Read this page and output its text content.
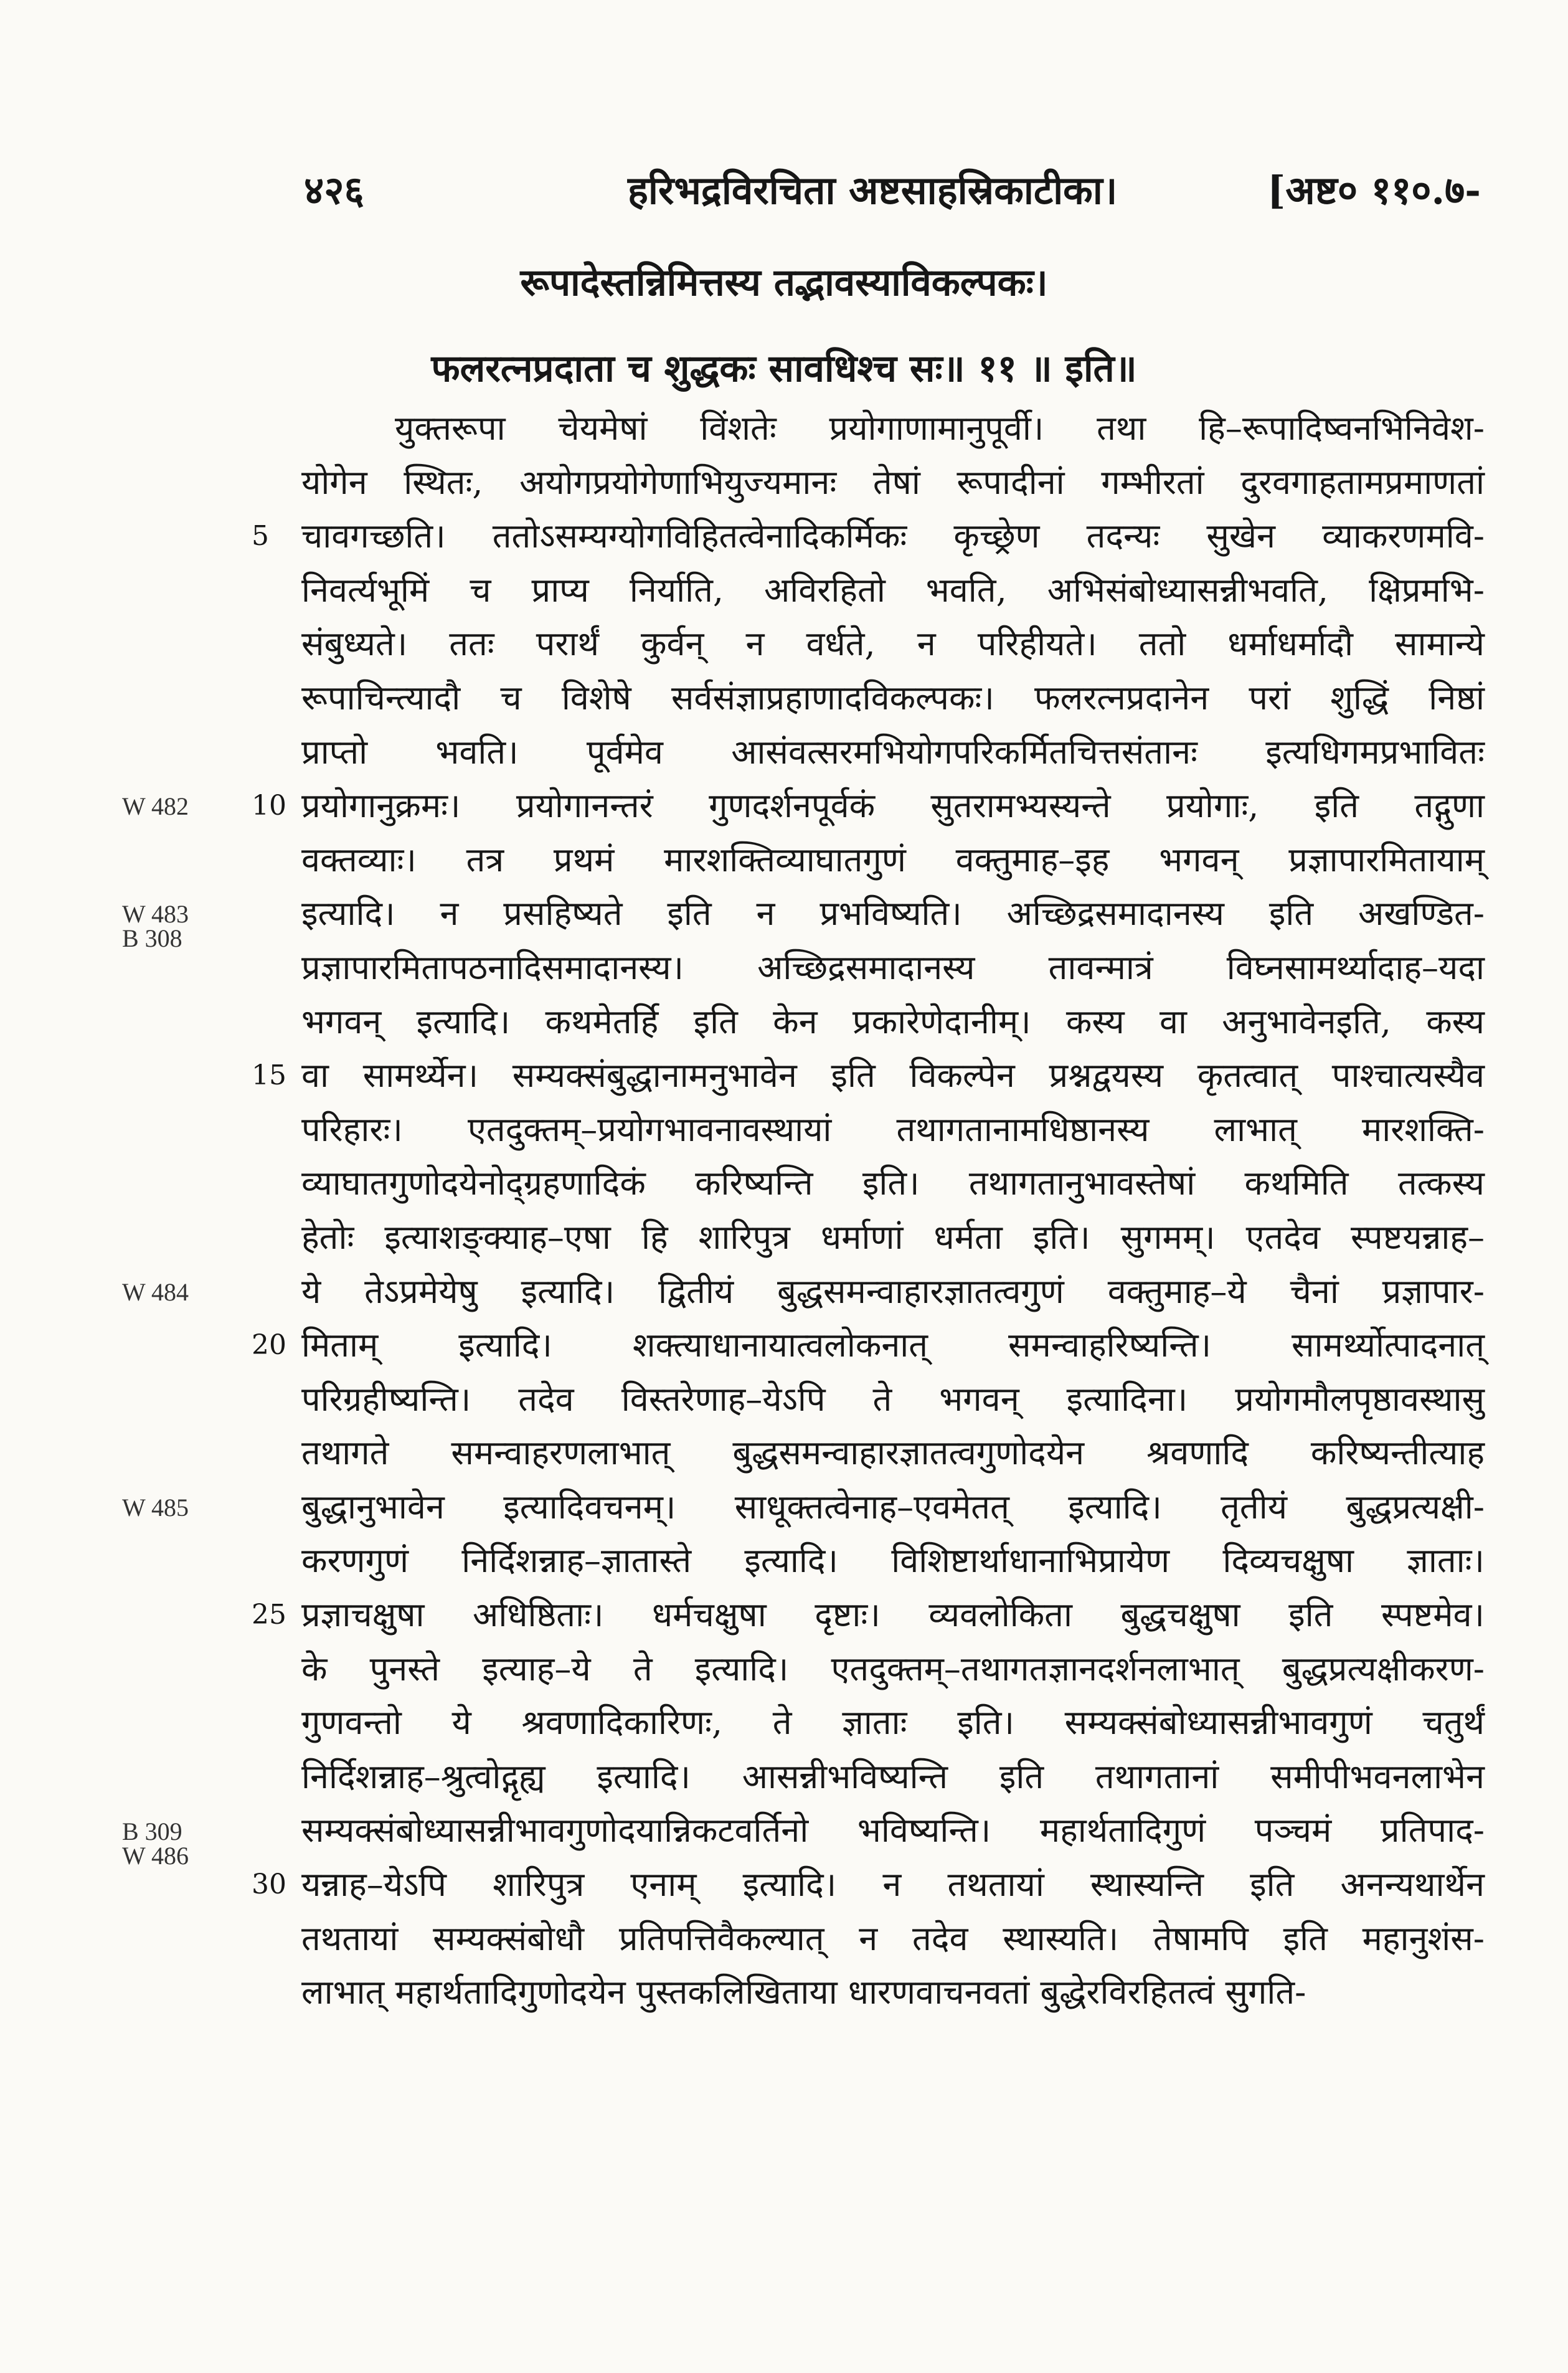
४२६	हरिभद्रविरचिता अष्टसाहस्रिकाटीका।	[अष्ट० ११०.७-
रूपादेस्तन्निमित्तस्य तद्भावस्याविकल्पकः।
फलरत्नप्रदाता च शुद्धकः सावधिश्च सः॥ ११ ॥ इति॥
युक्तरूपा चेयमेषां विंशतेः प्रयोगाणामानुपूर्वी। तथा हि–रूपादिष्वनभिनिवेश-
योगेन स्थितः, अयोगप्रयोगेणाभियुज्यमानः तेषां रूपादीनां गम्भीरतां दुरवगाहतामप्रमाणतां
5 चावगच्छति। ततोऽसम्यग्योगविहितत्वेनादिकर्मिकः कृच्छ्रेण तदन्यः सुखेन व्याकरणमवि-
निवर्त्यभूमिं च प्राप्य निर्याति, अविरहितो भवति, अभिसंबोध्यासन्नीभवति, क्षिप्रमभि-
संबुध्यते। ततः परार्थं कुर्वन् न वर्धते, न परिहीयते। ततो धर्माधर्मादौ सामान्ये
रूपाचिन्त्यादौ च विशेषे सर्वसंज्ञाप्रहाणादविकल्पकः। फलरत्नप्रदानेन परां शुद्धिं निष्ठां
प्राप्तो भवति। पूर्वमेव आसंवत्सरमभियोगपरिकर्मितचित्तसंतानः इत्यधिगमप्रभावितः
10 प्रयोगानुक्रमः। प्रयोगानन्तरं गुणदर्शनपूर्वकं सुतरामभ्यस्यन्ते प्रयोगाः, इति तद्गुणा
वक्तव्याः। तत्र प्रथमं मारशक्तिव्याघातगुणं वक्तुमाह–इह भगवन् प्रज्ञापारमितायाम्
इत्यादि। न प्रसहिष्यते इति न प्रभविष्यति। अच्छिद्रसमादानस्य इति अखण्डित-
प्रज्ञापारमितापठनादिसमादानस्य। अच्छिद्रसमादानस्य तावन्मात्रं विघ्नसामर्थ्यादाह–यदा
भगवन् इत्यादि। कथमेतर्हि इति केन प्रकारेणेदानीम्। कस्य वा अनुभावेनइति, कस्य
15 वा सामर्थ्येन। सम्यक्संबुद्धानामनुभावेन इति विकल्पेन प्रश्नद्वयस्य कृतत्वात् पाश्चात्यस्यैव
परिहारः। एतदुक्तम्–प्रयोगभावनावस्थायां तथागतानामधिष्ठानस्य लाभात् मारशक्ति-
व्याघातगुणोदयेनोद्ग्रहणादिकं करिष्यन्ति इति। तथागतानुभावस्तेषां कथमिति तत्कस्य
हेतोः इत्याशङ्क्याह–एषा हि शारिपुत्र धर्माणां धर्मता इति। सुगमम्। एतदेव स्पष्टयन्नाह–
ये तेऽप्रमेयेषु इत्यादि। द्वितीयं बुद्धसमन्वाहारज्ञातत्वगुणं वक्तुमाह–ये चैनां प्रज्ञापार-
20 मिताम् इत्यादि। शक्त्याधानायात्वलोकनात् समन्वाहरिष्यन्ति। सामर्थ्योत्पादनात्
परिग्रहीष्यन्ति। तदेव विस्तरेणाह–येऽपि ते भगवन् इत्यादिना। प्रयोगमौलपृष्ठावस्थासु
तथागते समन्वाहरणलाभात् बुद्धसमन्वाहारज्ञातत्वगुणोदयेन श्रवणादि करिष्यन्तीत्याह
बुद्धानुभावेन इत्यादिवचनम्। साधूक्तत्वेनाह–एवमेतत् इत्यादि। तृतीयं बुद्धप्रत्यक्षी-
करणगुणं निर्दिशन्नाह–ज्ञातास्ते इत्यादि। विशिष्टार्थाधानाभिप्रायेण दिव्यचक्षुषा ज्ञाताः।
25 प्रज्ञाचक्षुषा अधिष्ठिताः। धर्मचक्षुषा दृष्टाः। व्यवलोकिता बुद्धचक्षुषा इति स्पष्टमेव।
के पुनस्ते इत्याह–ये ते इत्यादि। एतदुक्तम्–तथागतज्ञानदर्शनलाभात् बुद्धप्रत्यक्षीकरण-
गुणवन्तो ये श्रवणादिकारिणः, ते ज्ञाताः इति। सम्यक्संबोध्यासन्नीभावगुणं चतुर्थं
निर्दिशन्नाह–श्रुत्वोद्गृह्य इत्यादि। आसन्नीभविष्यन्ति इति तथागतानां समीपीभवनलाभेन
सम्यक्संबोध्यासन्नीभावगुणोदयान्निकटवर्तिनो भविष्यन्ति। महार्थतादिगुणं पञ्चमं प्रतिपाद-
30 यन्नाह–येऽपि शारिपुत्र एनाम् इत्यादि। न तथतायां स्थास्यन्ति इति अनन्यथार्थेन
तथतायां सम्यक्संबोधौ प्रतिपत्तिवैकल्यात् न तदेव स्थास्यति। तेषामपि इति महानुशंस-
लाभात् महार्थतादिगुणोदयेन पुस्तकलिखिताया धारणवाचनवतां बुद्धेरविरहितत्वं सुगति-
W 482
W 483
B 308
W 484
W 485
B 309
W 486
